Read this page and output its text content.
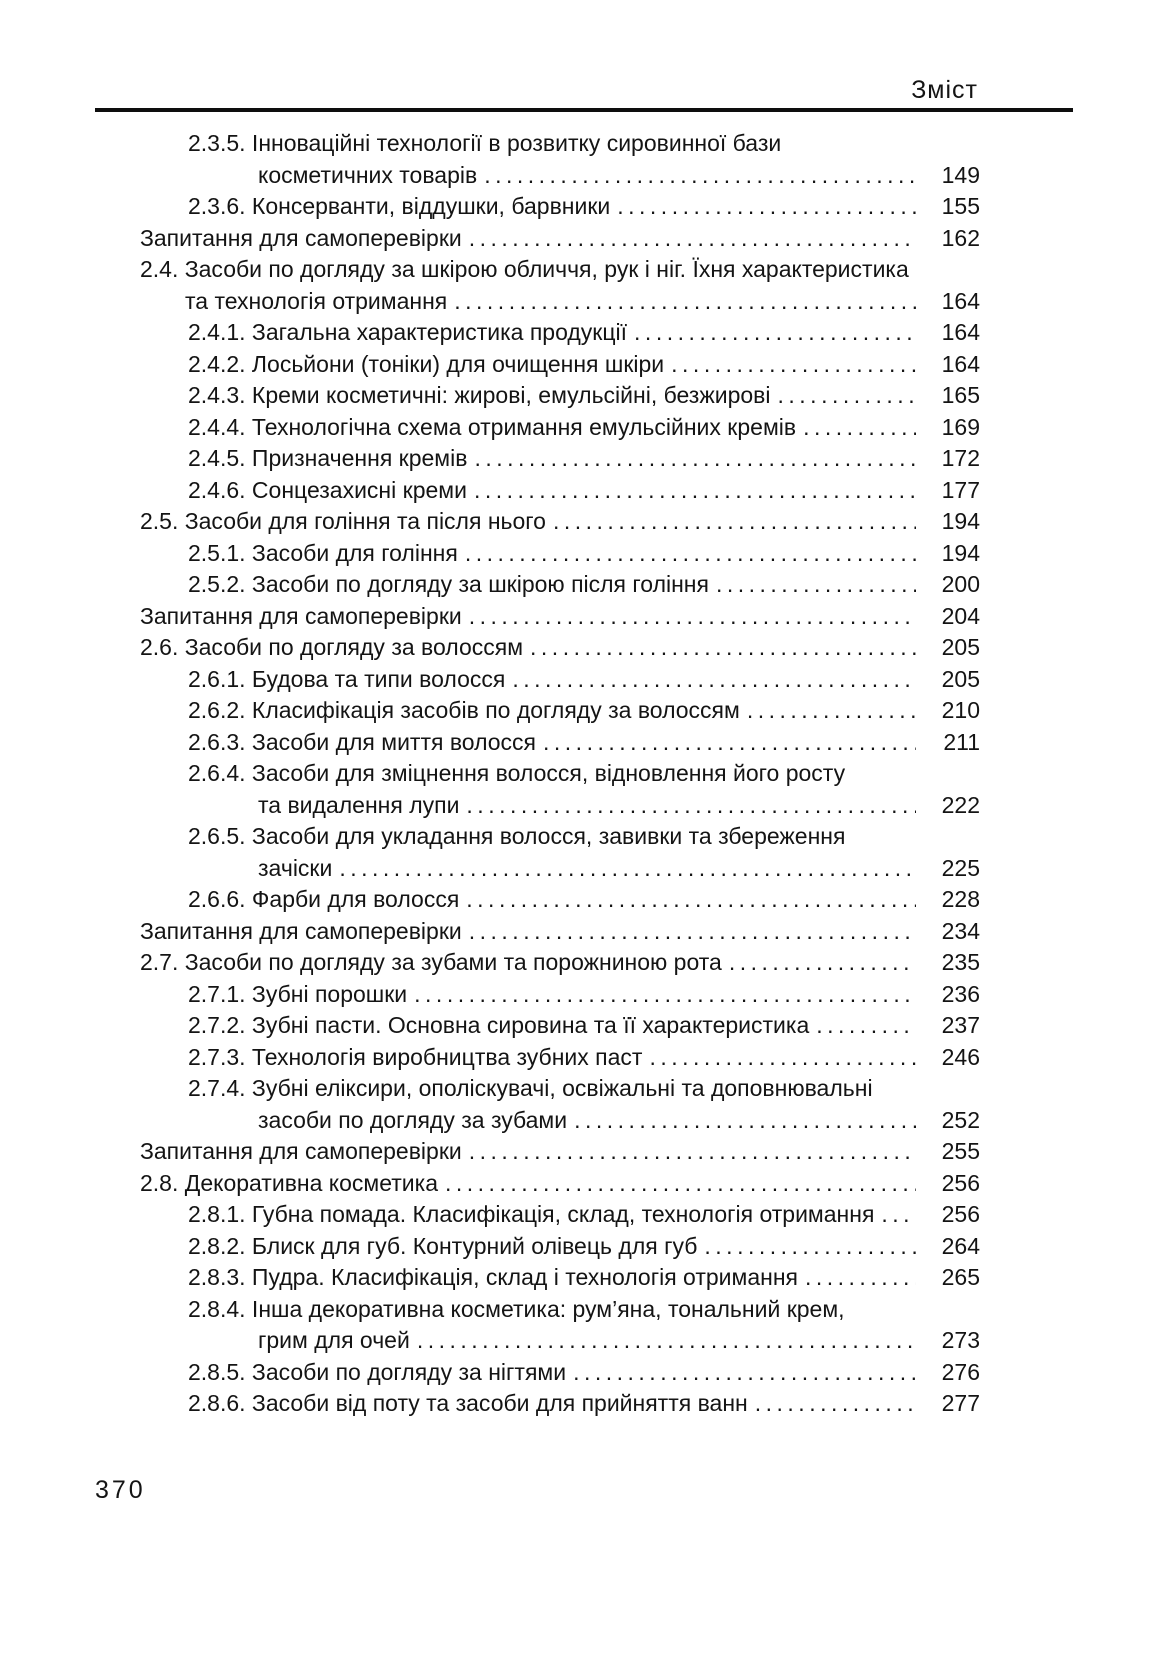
Зміст
2.3.5. Інноваційні технології в розвитку сировинної бази
косметичних товарів .....	149
2.3.6. Консерванти, віддушки, барвники .....	155
Запитання для самоперевірки .....	162
2.4. Засоби по догляду за шкірою обличчя, рук і ніг. Їхня характеристика
та технологія отримання .....	164
2.4.1. Загальна характеристика продукції .....	164
2.4.2. Лосьйони (тоніки) для очищення шкіри .....	164
2.4.3. Креми косметичні: жирові, емульсійні, безжирові .....	165
2.4.4. Технологічна схема отримання емульсійних кремів .....	169
2.4.5. Призначення кремів .....	172
2.4.6. Сонцезахисні креми .....	177
2.5. Засоби для гоління та після нього .....	194
2.5.1. Засоби для гоління .....	194
2.5.2. Засоби по догляду за шкірою після гоління .....	200
Запитання для самоперевірки .....	204
2.6. Засоби по догляду за волоссям .....	205
2.6.1. Будова та типи волосся .....	205
2.6.2. Класифікація засобів по догляду за волоссям .....	210
2.6.3. Засоби для миття волосся .....	211
2.6.4. Засоби для зміцнення волосся, відновлення його росту
та видалення лупи .....	222
2.6.5. Засоби для укладання волосся, завивки та збереження
зачіски .....	225
2.6.6. Фарби для волосся .....	228
Запитання для самоперевірки .....	234
2.7. Засоби по догляду за зубами та порожниною рота .....	235
2.7.1. Зубні порошки .....	236
2.7.2. Зубні пасти. Основна сировина та її характеристика .....	237
2.7.3. Технологія виробництва зубних паст .....	246
2.7.4. Зубні еліксири, ополіскувачі, освіжальні та доповнювальні
засоби по догляду за зубами .....	252
Запитання для самоперевірки .....	255
2.8. Декоративна косметика .....	256
2.8.1. Губна помада. Класифікація, склад, технологія отримання .....	256
2.8.2. Блиск для губ. Контурний олівець для губ .....	264
2.8.3. Пудра. Класифікація, склад і технологія отримання .....	265
2.8.4. Інша декоративна косметика: рум’яна, тональний крем,
грим для очей .....	273
2.8.5. Засоби по догляду за нігтями .....	276
2.8.6. Засоби від поту та засоби для прийняття ванн .....	277
370
